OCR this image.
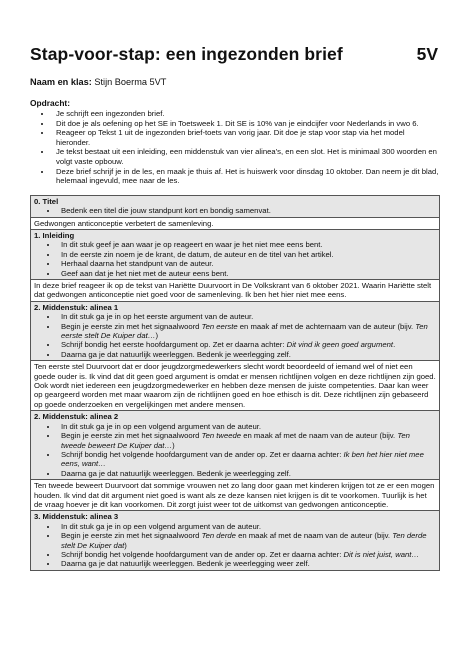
Stap-voor-stap: een ingezonden brief	5V
Naam en klas: Stijn Boerma 5VT
Opdracht:
• Je schrijft een ingezonden brief.
• Dit doe je als oefening op het SE in Toetsweek 1. Dit SE is 10% van je eindcijfer voor Nederlands in vwo 6.
• Reageer op Tekst 1 uit de ingezonden brief-toets van vorig jaar. Dit doe je stap voor stap via het model hieronder.
• Je tekst bestaat uit een inleiding, een middenstuk van vier alinea's, en een slot. Het is minimaal 300 woorden en volgt vaste opbouw.
• Deze brief schrijf je in de les, en maak je thuis af. Het is huiswerk voor dinsdag 10 oktober. Dan neem je dit blad, helemaal ingevuld, mee naar de les.
0. Titel
• Bedenk een titel die jouw standpunt kort en bondig samenvat.

Gedwongen anticonceptie verbetert de samenleving.

1. Inleiding
• In dit stuk geef je aan waar je op reageert en waar je het niet mee eens bent.
• In de eerste zin noem je de krant, de datum, de auteur en de titel van het artikel.
• Herhaal daarna het standpunt van de auteur.
• Geef aan dat je het niet met de auteur eens bent.

In deze brief reageer ik op de tekst van Hariëtte Duurvoort in De Volkskrant van 6 oktober 2021. Waarin Hariëtte stelt dat gedwongen anticonceptie niet goed voor de samenleving. Ik ben het hier niet mee eens.

2. Middenstuk: alinea 1
• In dit stuk ga je in op het eerste argument van de auteur.
• Begin je eerste zin met het signaalwoord Ten eerste en maak af met de achternaam van de auteur (bijv. Ten eerste stelt De Kuiper dat…)
• Schrijf bondig het eerste hoofdargument op. Zet er daarna achter: Dit vind ik geen goed argument.
• Daarna ga je dat natuurlijk weerleggen. Bedenk je weerlegging zelf.

Ten eerste stel Duurvoort dat er door jeugdzorgmedewerkers slecht wordt beoordeeld of iemand wel of niet een goede ouder is. Ik vind dat dit geen goed argument is omdat er mensen richtlijnen volgen en deze richtlijnen zijn goed. Ook wordt niet iedereen een jeugdzorgmedewerker en hebben deze mensen de juiste competenties. Daar kan weer op geargeerd worden met maar waarom zijn de richtlijnen goed en hoe ethisch is dit. Deze richtlijnen zijn gebaseerd op goede onderzoeken en vergelijkingen met andere mensen.

2. Middenstuk: alinea 2
• In dit stuk ga je in op een volgend argument van de auteur.
• Begin je eerste zin met het signaalwoord Ten tweede en maak af met de naam van de auteur (bijv. Ten tweede beweert De Kuiper dat…)
• Schrijf bondig het volgende hoofdargument van de ander op. Zet er daarna achter: Ik ben het hier niet mee eens, want…
• Daarna ga je dat natuurlijk weerleggen. Bedenk je weerlegging zelf.

Ten tweede beweert Duurvoort dat sommige vrouwen net zo lang door gaan met kinderen krijgen tot ze er een mogen houden. Ik vind dat dit argument niet goed is want als ze deze kansen niet krijgen is dit te voorkomen. Tuurlijk is het de vraag hoever je dit kan voorkomen. Dit zorgt juist weer tot de uitkomst van gedwongen anticonceptie.

3. Middenstuk: alinea 3
• In dit stuk ga je in op een volgend argument van de auteur.
• Begin je eerste zin met het signaalwoord Ten derde en maak af met de naam van de auteur (bijv. Ten derde stelt De Kuiper dat)
• Schrijf bondig het volgende hoofdargument van de ander op. Zet er daarna achter: Dit is niet juist, want…
• Daarna ga je dat natuurlijk weerleggen. Bedenk je weerlegging weer zelf.
